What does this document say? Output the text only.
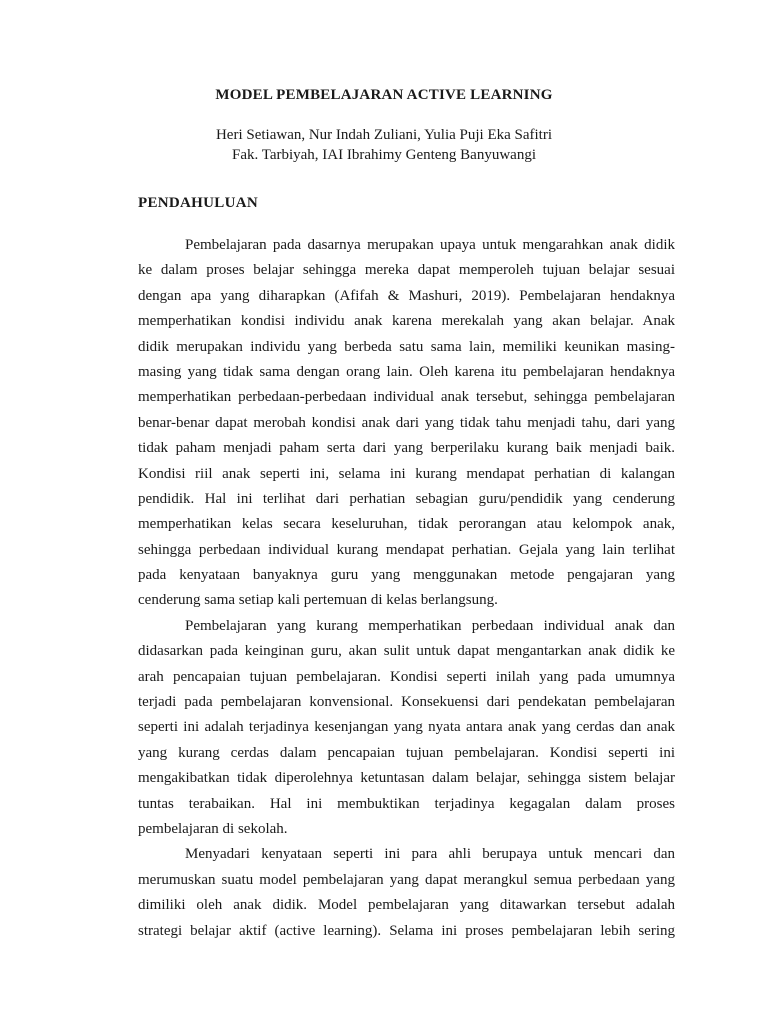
MODEL PEMBELAJARAN ACTIVE LEARNING
Heri Setiawan, Nur Indah Zuliani, Yulia Puji Eka Safitri
Fak. Tarbiyah, IAI Ibrahimy Genteng Banyuwangi
PENDAHULUAN
Pembelajaran pada dasarnya merupakan upaya untuk mengarahkan anak didik
ke dalam proses belajar sehingga mereka dapat memperoleh tujuan belajar sesuai
dengan apa yang diharapkan (Afifah & Mashuri, 2019). Pembelajaran hendaknya
memperhatikan kondisi individu anak karena merekalah yang akan belajar. Anak
didik merupakan individu yang berbeda satu sama lain, memiliki keunikan masing-
masing yang tidak sama dengan orang lain. Oleh karena itu pembelajaran hendaknya
memperhatikan perbedaan-perbedaan individual anak tersebut, sehingga pembelajaran
benar-benar dapat merobah kondisi anak dari yang tidak tahu menjadi tahu, dari yang
tidak paham menjadi paham serta dari yang berperilaku kurang baik menjadi baik.
Kondisi riil anak seperti ini, selama ini kurang mendapat perhatian di kalangan
pendidik. Hal ini terlihat dari perhatian sebagian guru/pendidik yang cenderung
memperhatikan kelas secara keseluruhan, tidak perorangan atau kelompok anak,
sehingga perbedaan individual kurang mendapat perhatian. Gejala yang lain terlihat
pada kenyataan banyaknya guru yang menggunakan metode pengajaran yang
cenderung sama setiap kali pertemuan di kelas berlangsung.
Pembelajaran yang kurang memperhatikan perbedaan individual anak dan
didasarkan pada keinginan guru, akan sulit untuk dapat mengantarkan anak didik ke
arah pencapaian tujuan pembelajaran. Kondisi seperti inilah yang pada umumnya
terjadi pada pembelajaran konvensional. Konsekuensi dari pendekatan pembelajaran
seperti ini adalah terjadinya kesenjangan yang nyata antara anak yang cerdas dan anak
yang kurang cerdas dalam pencapaian tujuan pembelajaran. Kondisi seperti ini
mengakibatkan tidak diperolehnya ketuntasan dalam belajar, sehingga sistem belajar
tuntas terabaikan. Hal ini membuktikan terjadinya kegagalan dalam proses
pembelajaran di sekolah.
Menyadari kenyataan seperti ini para ahli berupaya untuk mencari dan
merumuskan suatu model pembelajaran yang dapat merangkul semua perbedaan yang
dimiliki oleh anak didik. Model pembelajaran yang ditawarkan tersebut adalah
strategi belajar aktif (active learning). Selama ini proses pembelajaran lebih sering
